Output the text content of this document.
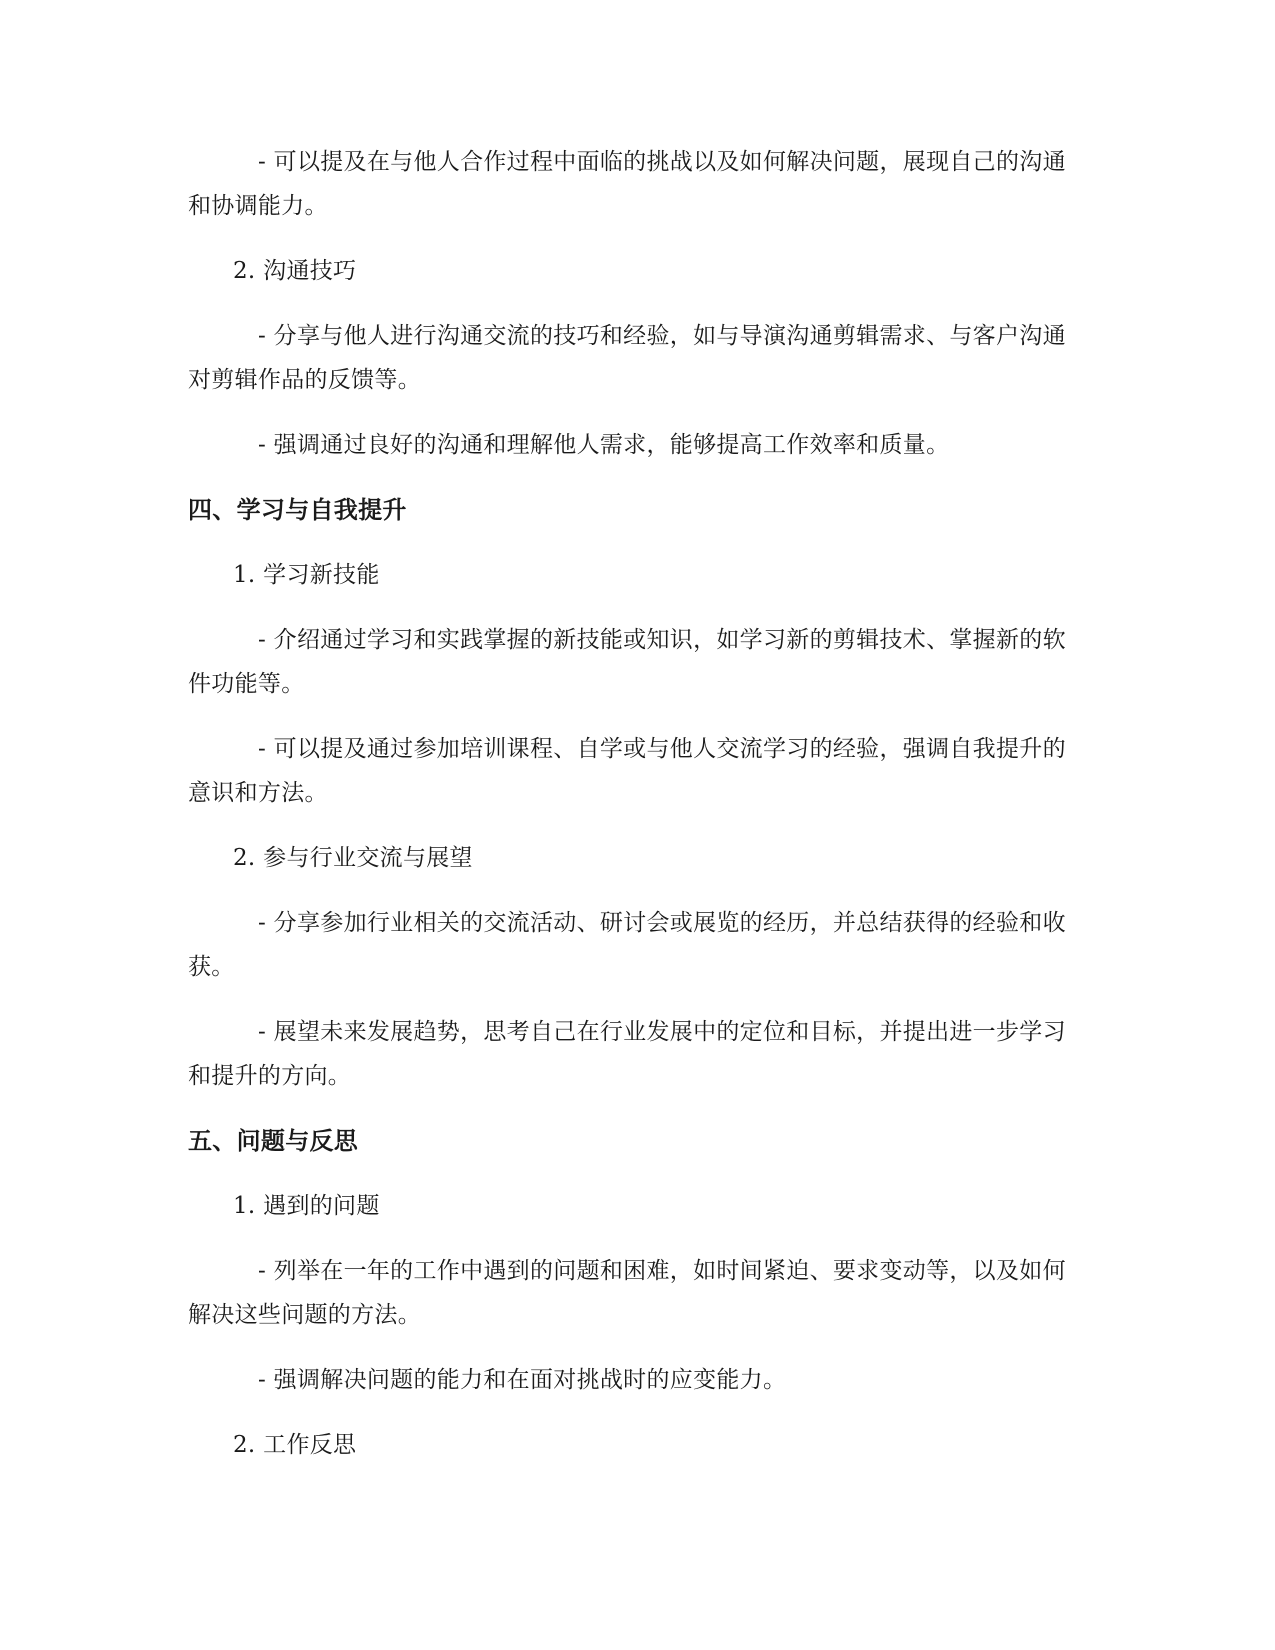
- 可以提及在与他人合作过程中面临的挑战以及如何解决问题，展现自己的沟通和协调能力。

2. 沟通技巧

- 分享与他人进行沟通交流的技巧和经验，如与导演沟通剪辑需求、与客户沟通对剪辑作品的反馈等。

- 强调通过良好的沟通和理解他人需求，能够提高工作效率和质量。

四、学习与自我提升

1. 学习新技能

- 介绍通过学习和实践掌握的新技能或知识，如学习新的剪辑技术、掌握新的软件功能等。

- 可以提及通过参加培训课程、自学或与他人交流学习的经验，强调自我提升的意识和方法。

2. 参与行业交流与展望

- 分享参加行业相关的交流活动、研讨会或展览的经历，并总结获得的经验和收获。

- 展望未来发展趋势，思考自己在行业发展中的定位和目标，并提出进一步学习和提升的方向。

五、问题与反思

1. 遇到的问题

- 列举在一年的工作中遇到的问题和困难，如时间紧迫、要求变动等，以及如何解决这些问题的方法。

- 强调解决问题的能力和在面对挑战时的应变能力。

2. 工作反思
